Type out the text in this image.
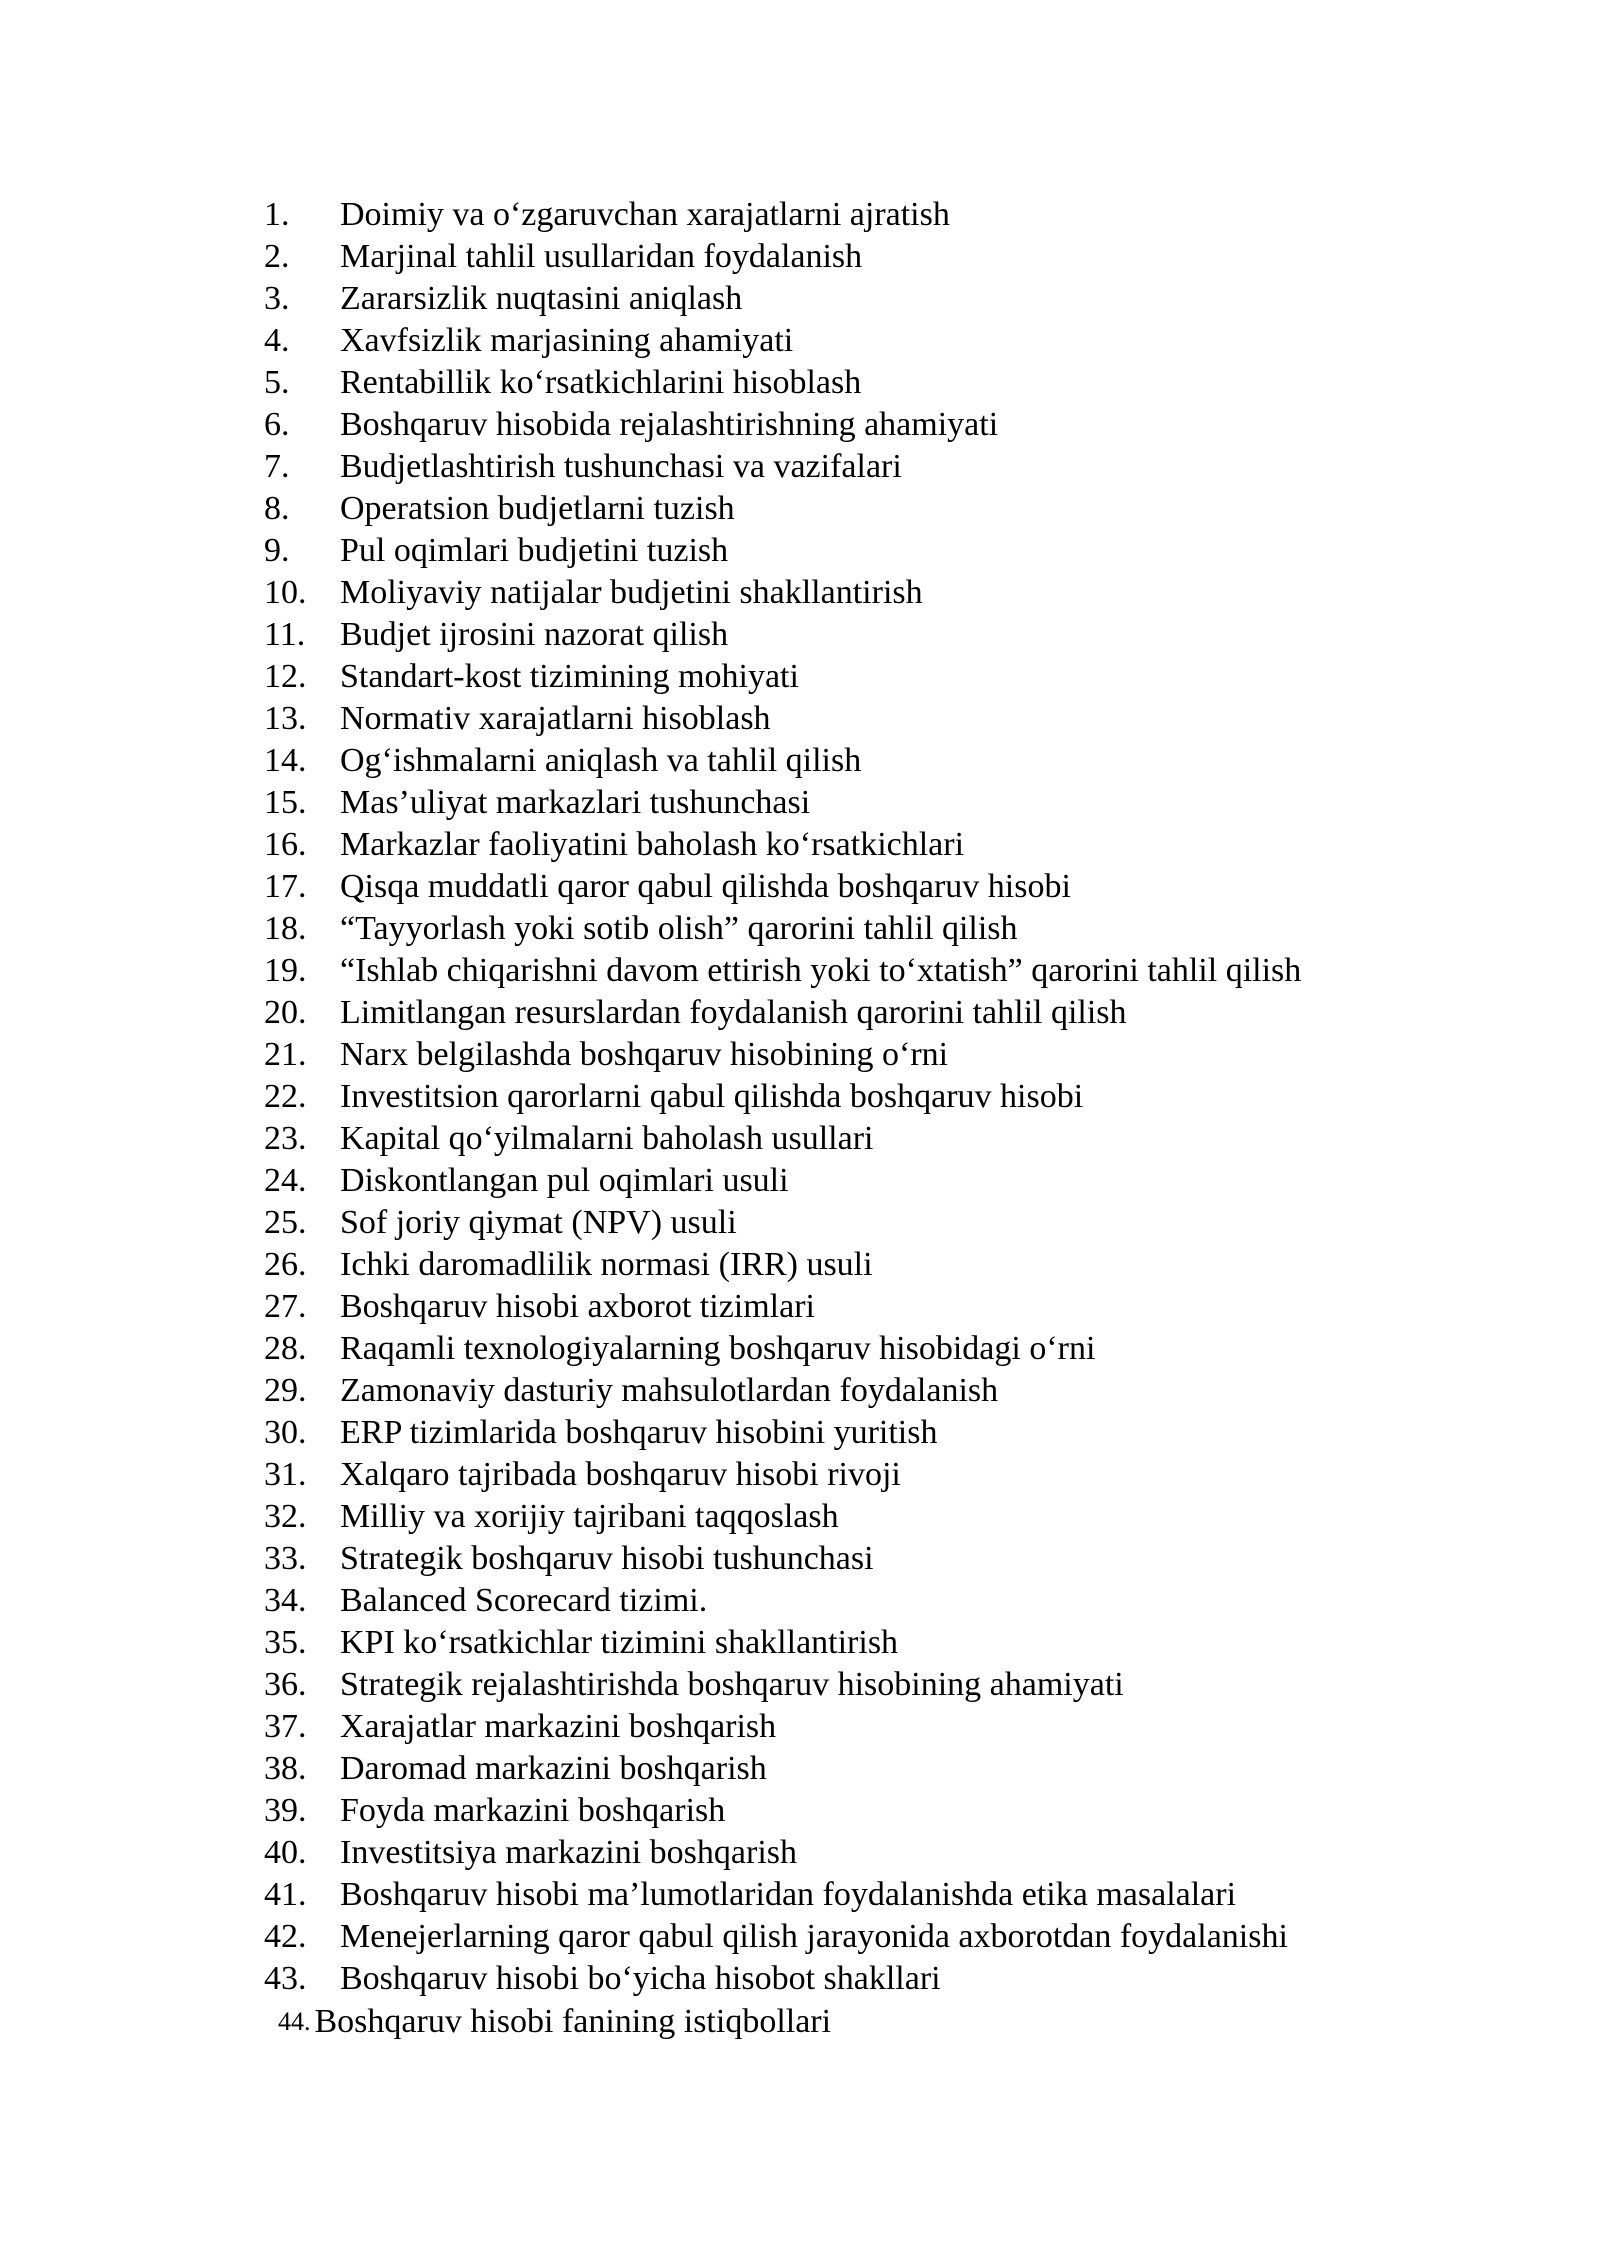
1.	Doimiy va o‘zgaruvchan xarajatlarni ajratish
2.	Marjinal tahlil usullaridan foydalanish
3.	Zararsizlik nuqtasini aniqlash
4.	Xavfsizlik marjasining ahamiyati
5.	Rentabillik ko‘rsatkichlarini hisoblash
6.	Boshqaruv hisobida rejalashtirishning ahamiyati
7.	Budjetlashtirish tushunchasi va vazifalari
8.	Operatsion budjetlarni tuzish
9.	Pul oqimlari budjetini tuzish
10. Moliyaviy natijalar budjetini shakllantirish
11.	Budjet ijrosini nazorat qilish
12. Standart-kost tizimining mohiyati
13. Normativ xarajatlarni hisoblash
14. Og‘ishmalarni aniqlash va tahlil qilish
15. Mas’uliyat markazlari tushunchasi
16. Markazlar faoliyatini baholash ko‘rsatkichlari
17. Qisqa muddatli qaror qabul qilishda boshqaruv hisobi
18. “Tayyorlash yoki sotib olish” qarorini tahlil qilish
19. “Ishlab chiqarishni davom ettirish yoki to‘xtatish” qarorini tahlil qilish
20. Limitlangan resurslardan foydalanish qarorini tahlil qilish
21. Narx belgilashda boshqaruv hisobining o‘rni
22. Investitsion qarorlarni qabul qilishda boshqaruv hisobi
23. Kapital qo‘yilmalarni baholash usullari
24. Diskontlangan pul oqimlari usuli
25. Sof joriy qiymat (NPV) usuli
26. Ichki daromadlilik normasi (IRR) usuli
27. Boshqaruv hisobi axborot tizimlari
28. Raqamli texnologiyalarning boshqaruv hisobidagi o‘rni
29. Zamonaviy dasturiy mahsulotlardan foydalanish
30. ERP tizimlarida boshqaruv hisobini yuritish
31. Xalqaro tajribada boshqaruv hisobi rivoji
32. Milliy va xorijiy tajribani taqqoslash
33. Strategik boshqaruv hisobi tushunchasi
34. Balanced Scorecard tizimi.
35. KPI ko‘rsatkichlar tizimini shakllantirish
36. Strategik rejalashtirishda boshqaruv hisobining ahamiyati
37. Xarajatlar markazini boshqarish
38. Daromad markazini boshqarish
39. Foyda markazini boshqarish
40. Investitsiya markazini boshqarish
41. Boshqaruv hisobi ma’lumotlaridan foydalanishda etika masalalari
42. Menejerlarning qaror qabul qilish jarayonida axborotdan foydalanishi
43. Boshqaruv hisobi bo‘yicha hisobot shakllari
44. Boshqaruv hisobi fanining istiqbollari
